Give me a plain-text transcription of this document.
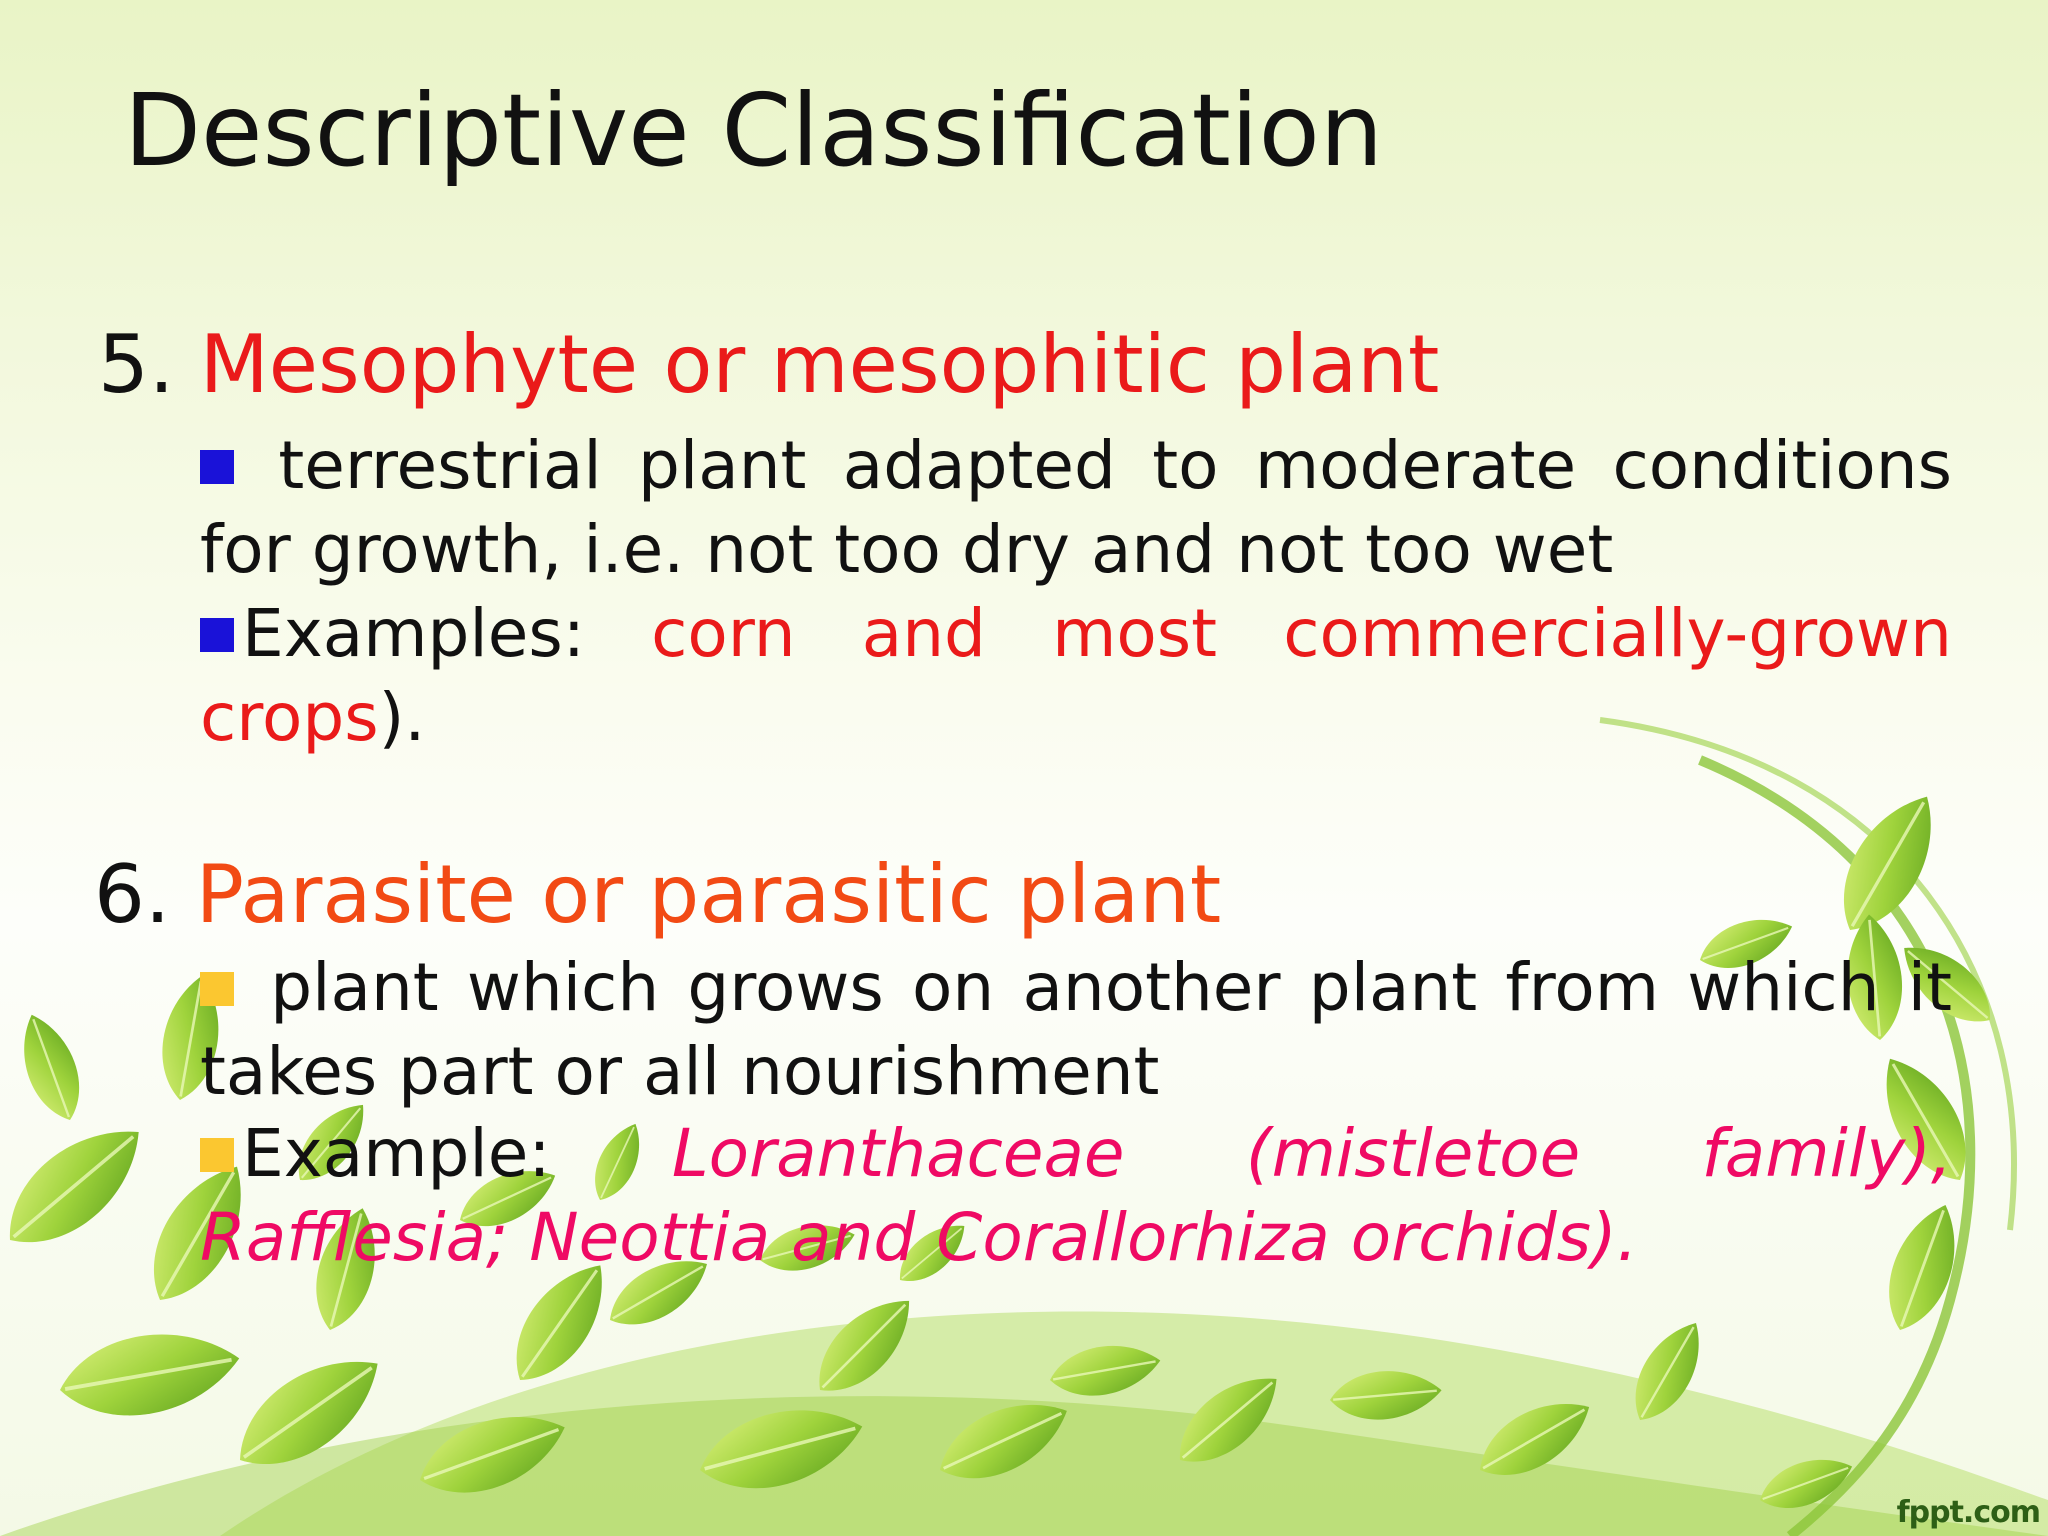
Descriptive Classification
5. Mesophyte or mesophitic plant
terrestrial plant adapted to moderate conditions for growth, i.e. not too dry and not too wet
Examples: corn and most commercially-grown crops).
6. Parasite or parasitic plant
plant which grows on another plant from which it takes part or all nourishment
Example: Loranthaceae (mistletoe family), Rafflesia; Neottia and Corallorhiza orchids).
fppt.com
